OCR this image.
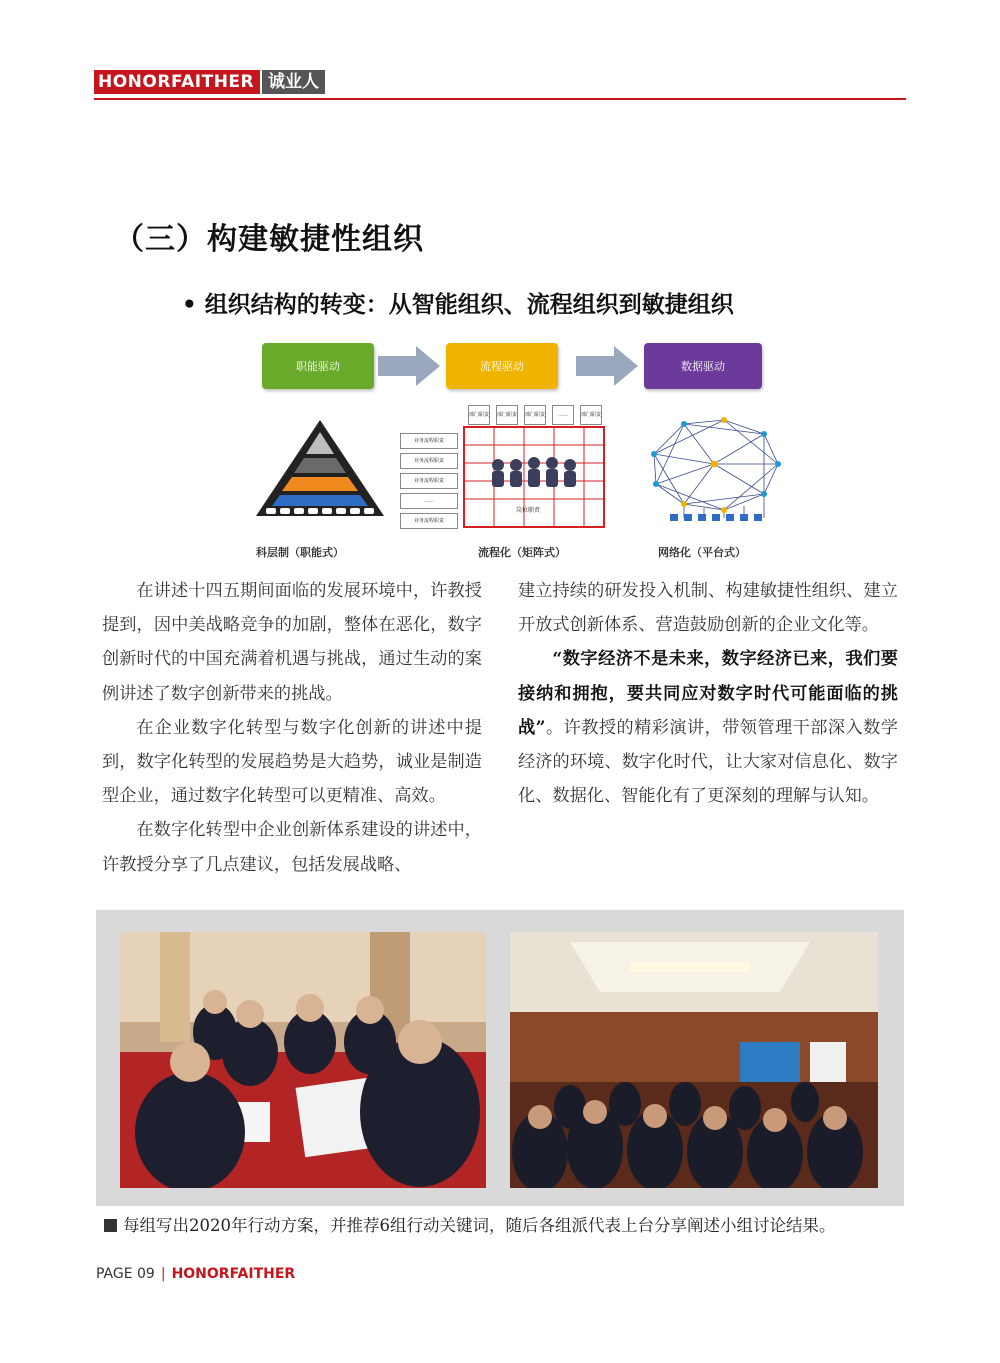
HONORFAITHER 诚业人
（三）构建敏捷性组织
• 组织结构的转变：从智能组织、流程组织到敏捷组织
职能驱动	流程驱动	数据驱动
部门职责 部门职责 部门职责	……	部门职责
业务流程职责
业务流程职责
业务流程职责
……
业务流程职责
岗位职责
科层制（职能式）	流程化（矩阵式）	网络化（平台式）

在讲述十四五期间面临的发展环境中，许教授提到，因中美战略竞争的加剧，整体在恶化，数字创新时代的中国充满着机遇与挑战，通过生动的案例讲述了数字创新带来的挑战。

在企业数字化转型与数字化创新的讲述中提到，数字化转型的发展趋势是大趋势，诚业是制造型企业，通过数字化转型可以更精准、高效。

在数字化转型中企业创新体系建设的讲述中，许教授分享了几点建议，包括发展战略、

建立持续的研发投入机制、构建敏捷性组织、建立开放式创新体系、营造鼓励创新的企业文化等。

“数字经济不是未来，数字经济已来，我们要接纳和拥抱，要共同应对数字时代可能面临的挑战”。许教授的精彩演讲，带领管理干部深入数学经济的环境、数字化时代，让大家对信息化、数字化、数据化、智能化有了更深刻的理解与认知。

每组写出2020年行动方案，并推荐6组行动关键词，随后各组派代表上台分享阐述小组讨论结果。
PAGE 09 | HONORFAITHER
